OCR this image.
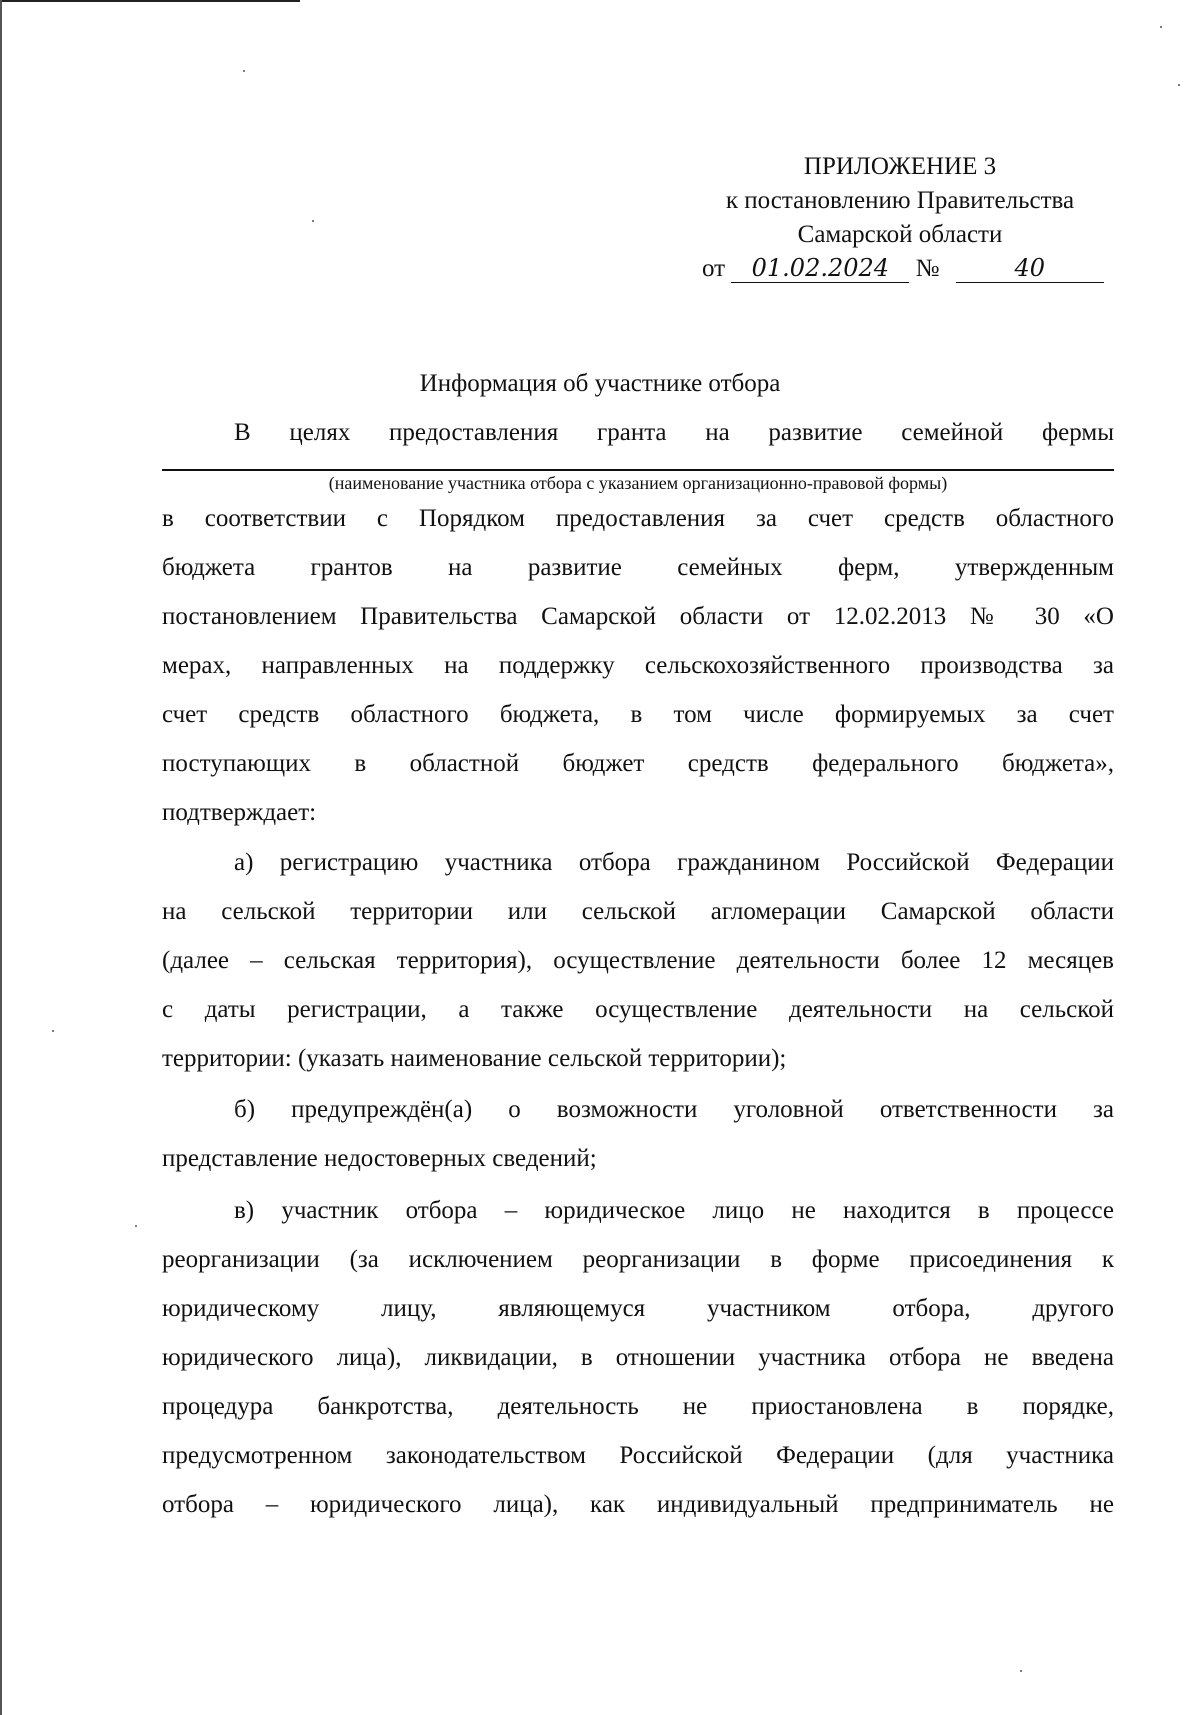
ПРИЛОЖЕНИЕ 3
к постановлению Правительства
Самарской области
от 01.02.2024 №	40
Информация об участнике отбора
В целях предоставления гранта на развитие семейной фермы
(наименование участника отбора с указанием организационно-правовой формы)
в соответствии с Порядком предоставления за счет средств областного
бюджета грантов на развитие семейных ферм, утвержденным
постановлением Правительства Самарской области от 12.02.2013 № 30 «О
мерах, направленных на поддержку сельскохозяйственного производства за
счет средств областного бюджета, в том числе формируемых за счет
поступающих в областной бюджет средств федерального бюджета»,
подтверждает:
а) регистрацию участника отбора гражданином Российской Федерации
на сельской территории или сельской агломерации Самарской области
(далее – сельская территория), осуществление деятельности более 12 месяцев
с даты регистрации, а также осуществление деятельности на сельской
территории: (указать наименование сельской территории);
б) предупреждён(а) о возможности уголовной ответственности за
представление недостоверных сведений;
в) участник отбора – юридическое лицо не находится в процессе
реорганизации (за исключением реорганизации в форме присоединения к
юридическому лицу, являющемуся участником отбора, другого
юридического лица), ликвидации, в отношении участника отбора не введена
процедура банкротства, деятельность не приостановлена в порядке,
предусмотренном законодательством Российской Федерации (для участника
отбора – юридического лица), как индивидуальный предприниматель не
